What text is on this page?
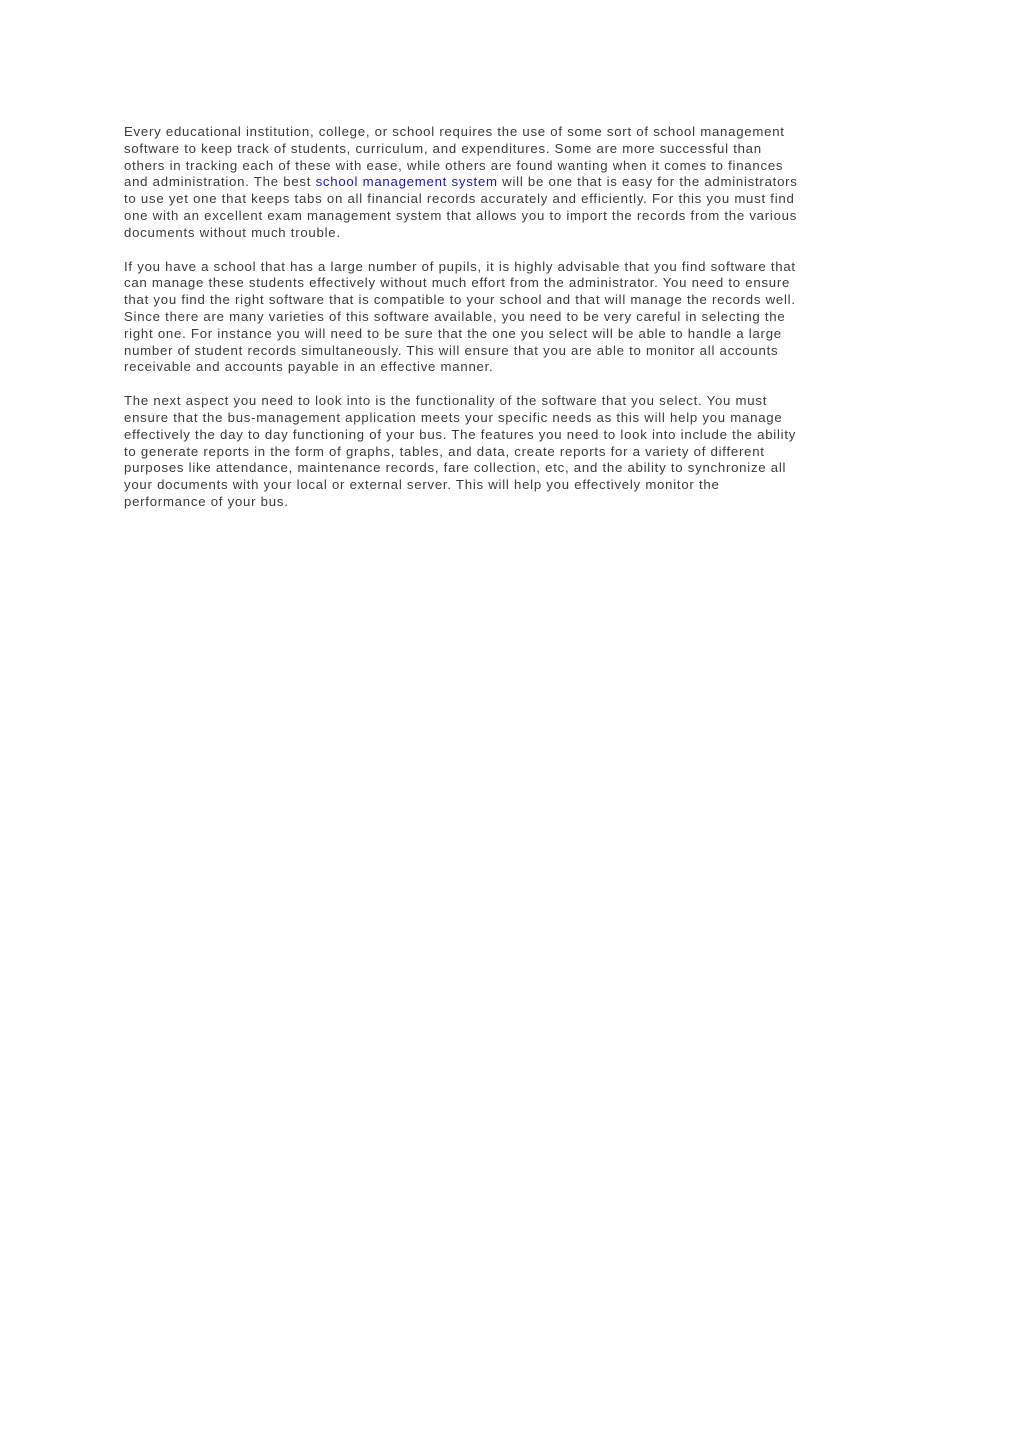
Every educational institution, college, or school requires the use of some sort of school management
software to keep track of students, curriculum, and expenditures. Some are more successful than
others in tracking each of these with ease, while others are found wanting when it comes to finances
and administration. The best school management system will be one that is easy for the administrators
to use yet one that keeps tabs on all financial records accurately and efficiently. For this you must find
one with an excellent exam management system that allows you to import the records from the various
documents without much trouble.

If you have a school that has a large number of pupils, it is highly advisable that you find software that
can manage these students effectively without much effort from the administrator. You need to ensure
that you find the right software that is compatible to your school and that will manage the records well.
Since there are many varieties of this software available, you need to be very careful in selecting the
right one. For instance you will need to be sure that the one you select will be able to handle a large
number of student records simultaneously. This will ensure that you are able to monitor all accounts
receivable and accounts payable in an effective manner.

The next aspect you need to look into is the functionality of the software that you select. You must
ensure that the bus-management application meets your specific needs as this will help you manage
effectively the day to day functioning of your bus. The features you need to look into include the ability
to generate reports in the form of graphs, tables, and data, create reports for a variety of different
purposes like attendance, maintenance records, fare collection, etc, and the ability to synchronize all
your documents with your local or external server. This will help you effectively monitor the
performance of your bus.
